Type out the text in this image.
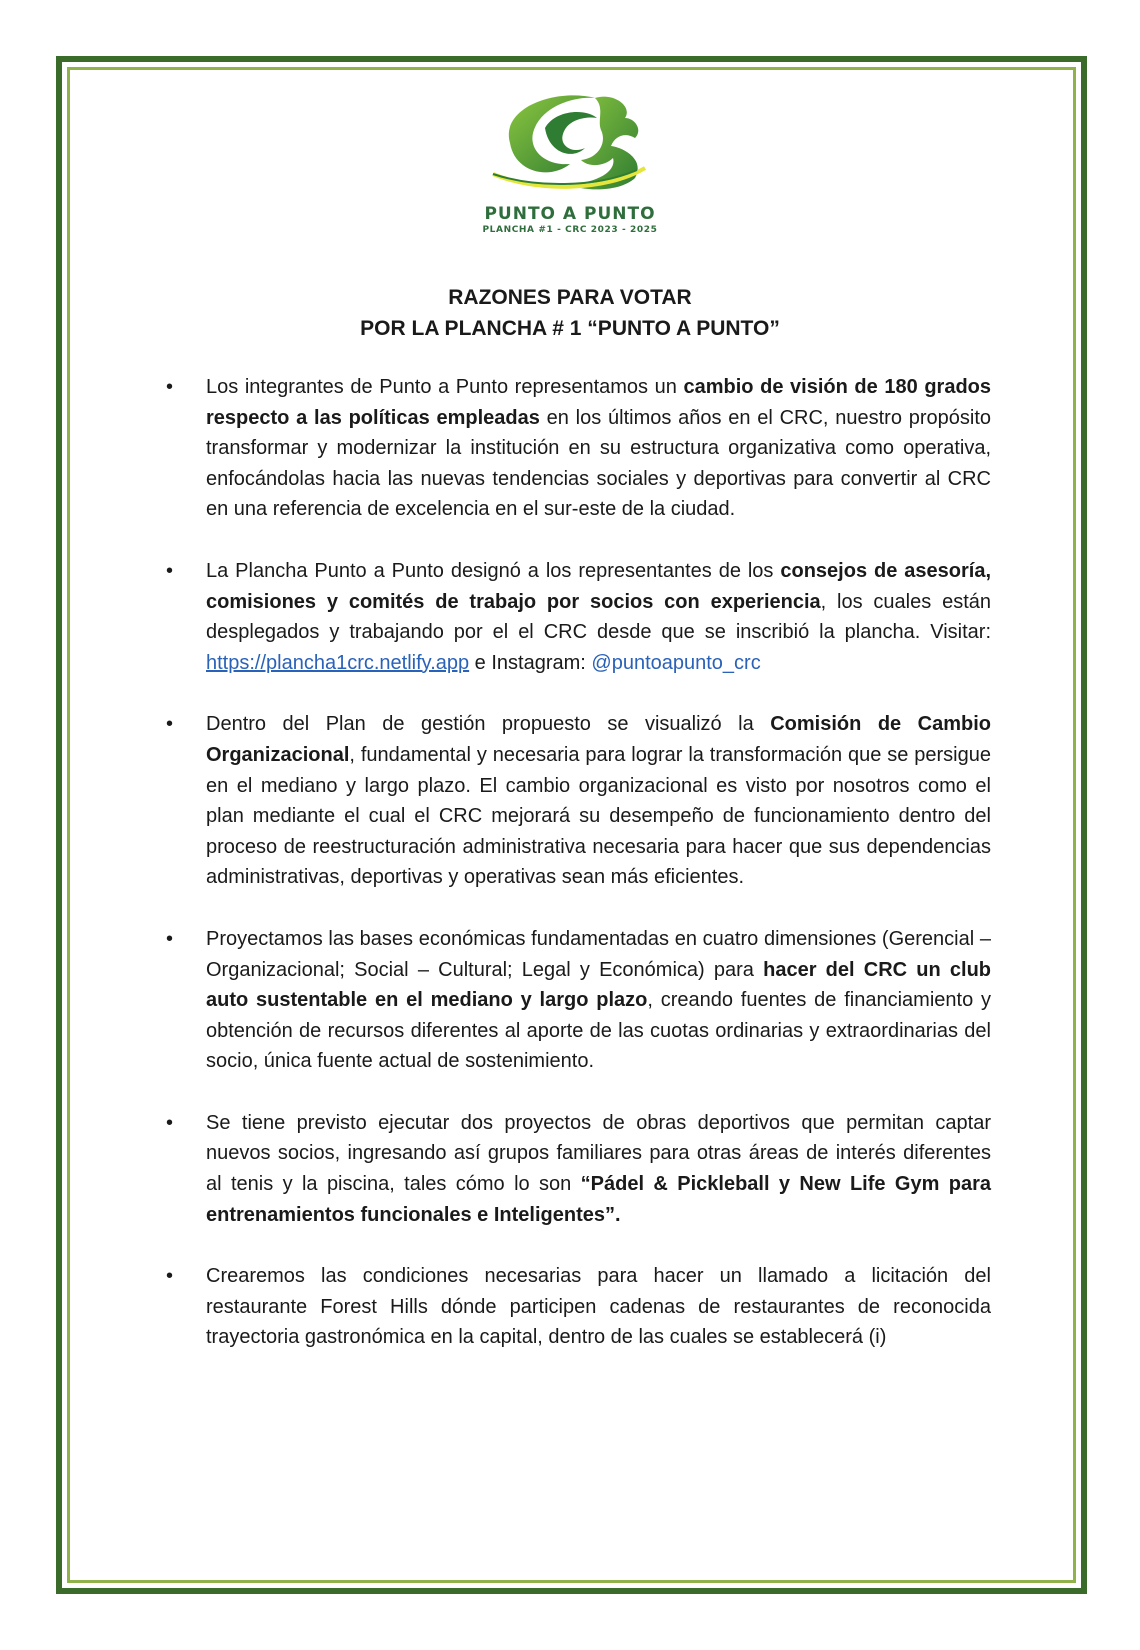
PUNTO A PUNTO
PLANCHA #1 - CRC 2023 - 2025
RAZONES PARA VOTAR
POR LA PLANCHA # 1 “PUNTO A PUNTO”
• Los integrantes de Punto a Punto representamos un cambio de visión de 180 grados respecto a las políticas empleadas en los últimos años en el CRC, nuestro propósito transformar y modernizar la institución en su estructura organizativa como operativa, enfocándolas hacia las nuevas tendencias sociales y deportivas para convertir al CRC en una referencia de excelencia en el sur-este de la ciudad.
• La Plancha Punto a Punto designó a los representantes de los consejos de asesoría, comisiones y comités de trabajo por socios con experiencia, los cuales están desplegados y trabajando por el el CRC desde que se inscribió la plancha. Visitar: https://plancha1crc.netlify.app e Instagram: @puntoapunto_crc
• Dentro del Plan de gestión propuesto se visualizó la Comisión de Cambio Organizacional, fundamental y necesaria para lograr la transformación que se persigue en el mediano y largo plazo. El cambio organizacional es visto por nosotros como el plan mediante el cual el CRC mejorará su desempeño de funcionamiento dentro del proceso de reestructuración administrativa necesaria para hacer que sus dependencias administrativas, deportivas y operativas sean más eficientes.
• Proyectamos las bases económicas fundamentadas en cuatro dimensiones (Gerencial – Organizacional; Social – Cultural; Legal y Económica) para hacer del CRC un club auto sustentable en el mediano y largo plazo, creando fuentes de financiamiento y obtención de recursos diferentes al aporte de las cuotas ordinarias y extraordinarias del socio, única fuente actual de sostenimiento.
• Se tiene previsto ejecutar dos proyectos de obras deportivos que permitan captar nuevos socios, ingresando así grupos familiares para otras áreas de interés diferentes al tenis y la piscina, tales cómo lo son “Pádel & Pickleball y New Life Gym para entrenamientos funcionales e Inteligentes”.
• Crearemos las condiciones necesarias para hacer un llamado a licitación del restaurante Forest Hills dónde participen cadenas de restaurantes de reconocida trayectoria gastronómica en la capital, dentro de las cuales se establecerá (i)
